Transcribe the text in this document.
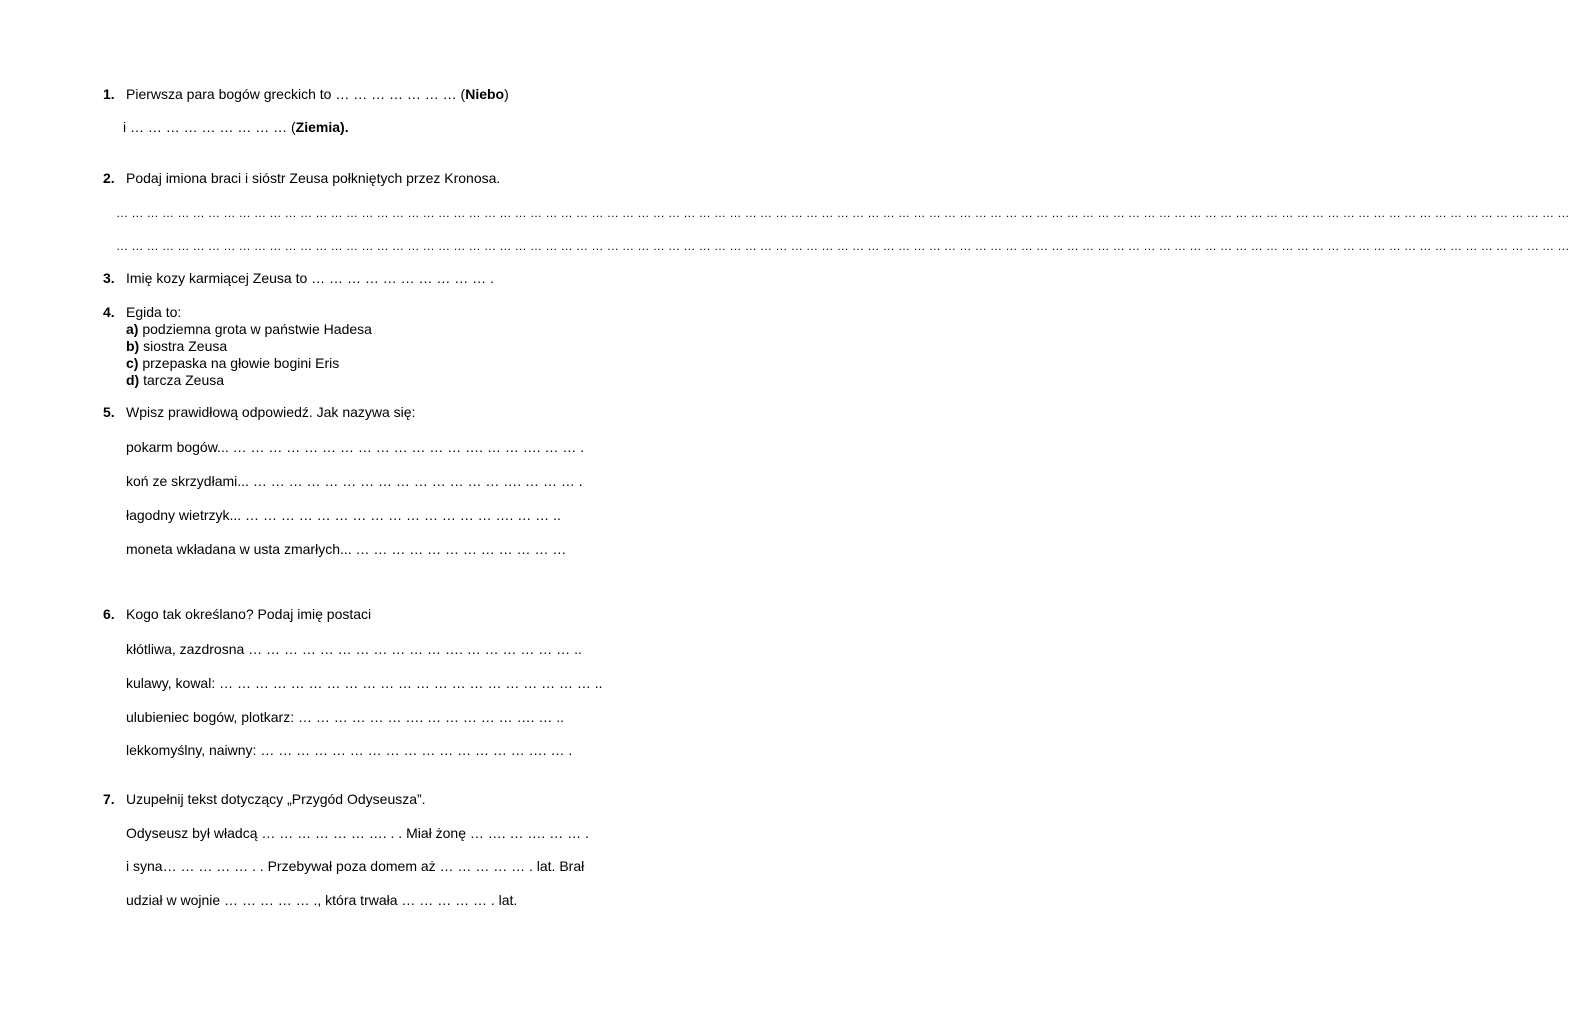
1. Pierwsza para bogów greckich to … … … … … … … (Niebo)
i … … … … … … … … … (Ziemia).
2. Podaj imiona braci i sióstr Zeusa połkniętych przez Kronosa.
… … … … … … … … … … … … … … … … … … … … … … … … … … … … … … … … … … … … … … … … … … … … … … … … … … … … … … … … … … … … … … … … … … … … … … … … … … … … … … … … … … … … … … … … … … … … … … …
… … … … … … … … … … … … … … … … … … … … … … … … … … … … … … … … … … … … … … … … … … … … … … … … … … … … … … … … … … … … … … … … … … … … … … … … … … … … … … … … … … … … … … … … … … … … … … …
3. Imię kozy karmiącej Zeusa to … … … … … … … … … … .
4. Egida to:
a) podziemna grota w państwie Hadesa
b) siostra Zeusa
c) przepaska na głowie bogini Eris
d) tarcza Zeusa
5. Wpisz prawidłową odpowiedź. Jak nazywa się:
pokarm bogów... … … … … … … … … … … … … … …. … … …. … … .
koń ze skrzydłami... … … … … … … … … … … … … … … …. … … … .
łagodny wietrzyk... … … … … … … … … … … … … … … …. … … ..
moneta wkładana w usta zmarłych... … … … … … … … … … … … …
6. Kogo tak określano? Podaj imię postaci
kłótliwa, zazdrosna … … … … … … … … … … … …. … … … … … … ..
kulawy, kowal: … … … … … … … … … … … … … … … … … … … … … ..
ulubieniec bogów, plotkarz: … … … … … … …. … … … … … …. … ..
lekkomyślny, naiwny: … … … … … … … … … … … … … … … …. … .
7. Uzupełnij tekst dotyczący „Przygód Odyseusza”.
Odyseusz był władcą … … … … … … …. . . Miał żonę … …. … …. … … .
i syna… … … … … . . Przebywał poza domem aż … … … … … . lat. Brał
udział w wojnie … … … … … ., która trwała … … … … … . lat.
